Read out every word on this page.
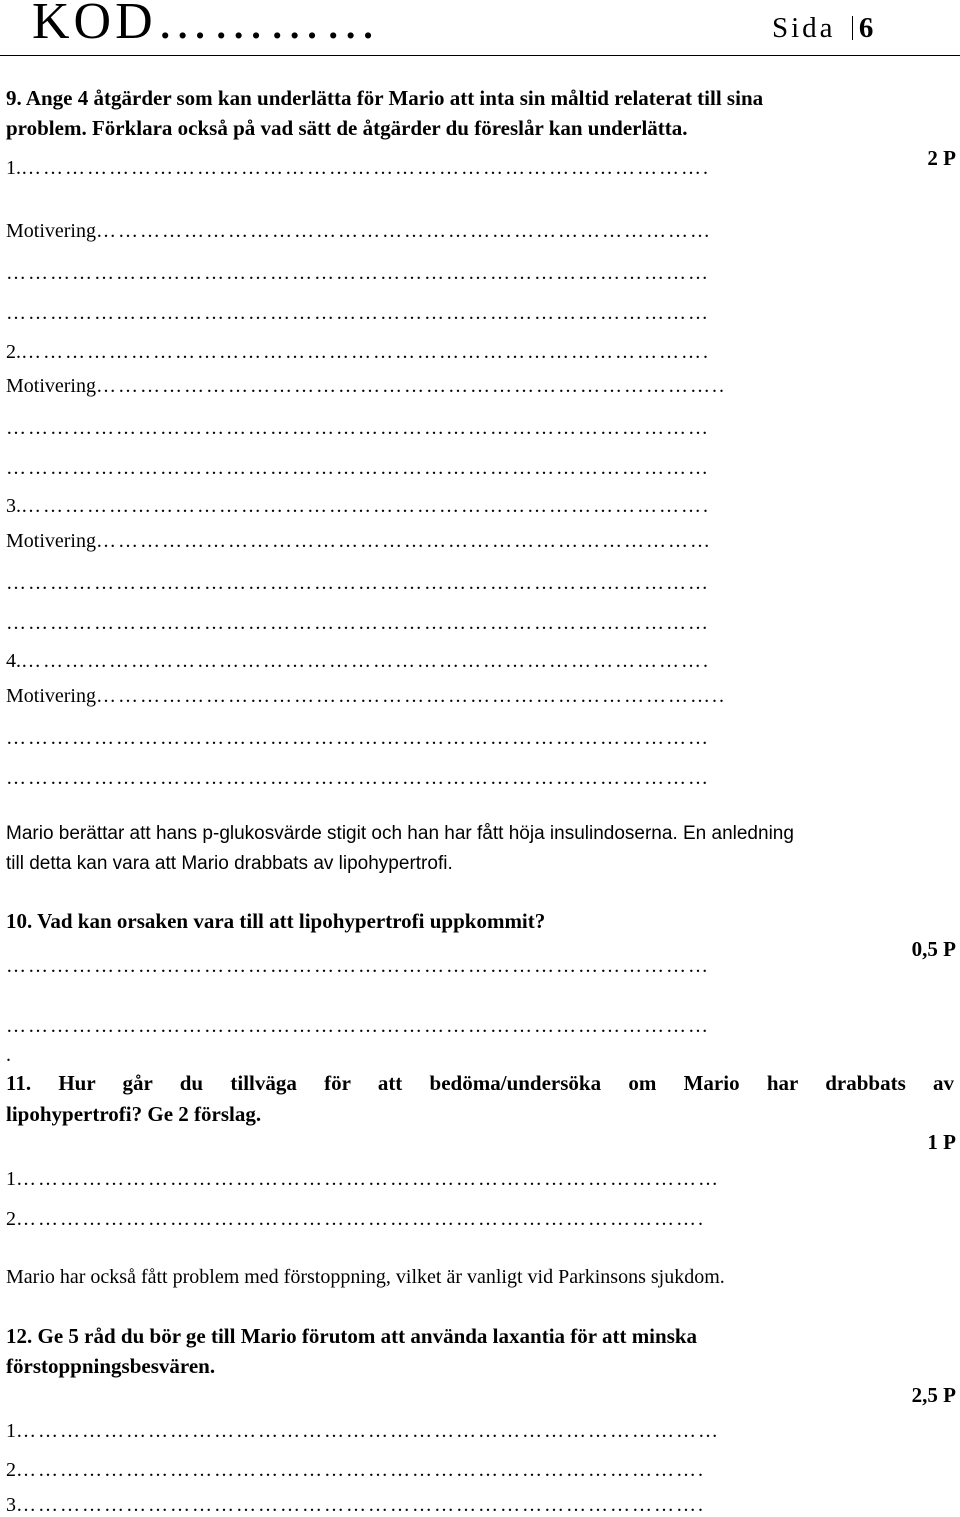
KOD…………	Sida 6
9. Ange 4 åtgärder som kan underlätta för Mario att inta sin måltid relaterat till sina
problem. Förklara också på vad sätt de åtgärder du föreslår kan underlätta.
2 P
1.………………………………………………………………………………….
Motivering…………………………………………………………………………
……………………………………………………………………………………
……………………………………………………………………………………
2.………………………………………………………………………………….
Motivering…………………………………………………………………………..
……………………………………………………………………………………
……………………………………………………………………………………
3.………………………………………………………………………………….
Motivering…………………………………………………………………………
……………………………………………………………………………………
……………………………………………………………………………………
4.………………………………………………………………………………….
Motivering…………………………………………………………………………..
……………………………………………………………………………………
……………………………………………………………………………………
Mario berättar att hans p-glukosvärde stigit och han har fått höja insulindoserna. En anledning
till detta kan vara att Mario drabbats av lipohypertrofi.
10. Vad kan orsaken vara till att lipohypertrofi uppkommit?
0,5 P
……………………………………………………………………………………
……………………………………………………………………………………
.
11. Hur går du tillväga för att bedöma/undersöka om Mario har drabbats av
lipohypertrofi? Ge 2 förslag.
1 P
1……………………………………………………………………………………
2………………………………………………………………………………….
Mario har också fått problem med förstoppning, vilket är vanligt vid Parkinsons sjukdom.
12. Ge 5 råd du bör ge till Mario förutom att använda laxantia för att minska
förstoppningsbesvären.
2,5 P
1……………………………………………………………………………………
2………………………………………………………………………………….
3………………………………………………………………………………….
